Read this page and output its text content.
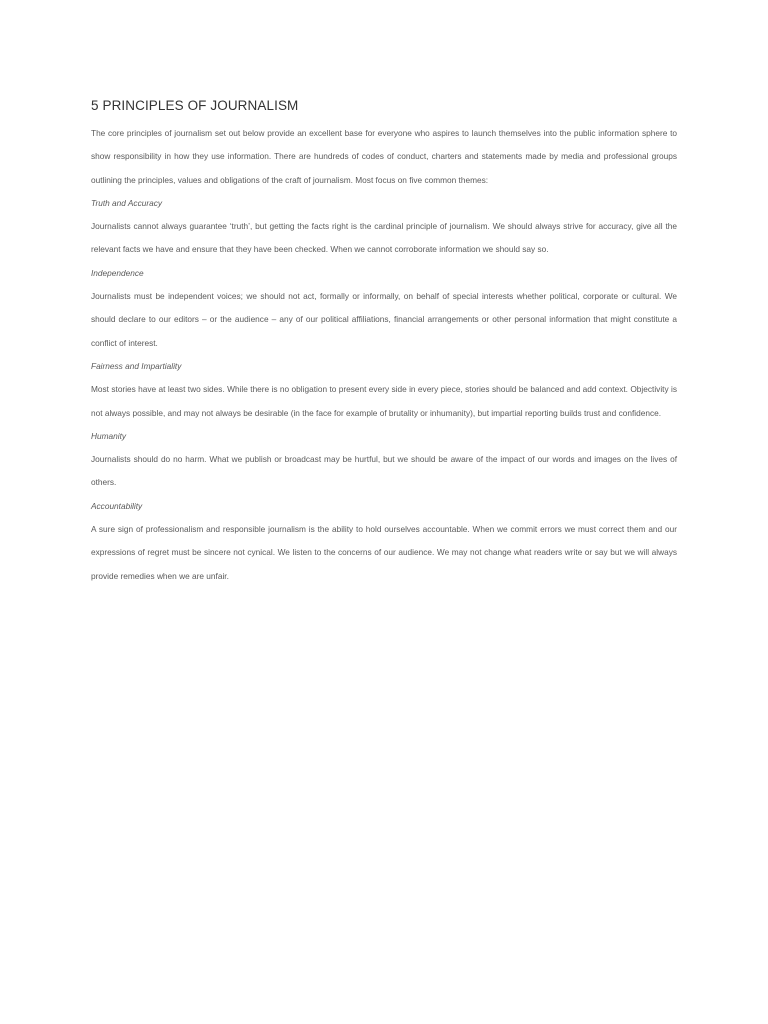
5 PRINCIPLES OF JOURNALISM

The core principles of journalism set out below provide an excellent base for everyone who aspires to launch themselves into the public information sphere to show responsibility in how they use information. There are hundreds of codes of conduct, charters and statements made by media and professional groups outlining the principles, values and obligations of the craft of journalism. Most focus on five common themes:

Truth and Accuracy

Journalists cannot always guarantee ‘truth’, but getting the facts right is the cardinal principle of journalism. We should always strive for accuracy, give all the relevant facts we have and ensure that they have been checked. When we cannot corroborate information we should say so.

Independence

Journalists must be independent voices; we should not act, formally or informally, on behalf of special interests whether political, corporate or cultural. We should declare to our editors – or the audience – any of our political affiliations, financial arrangements or other personal information that might constitute a conflict of interest.

Fairness and Impartiality

Most stories have at least two sides. While there is no obligation to present every side in every piece, stories should be balanced and add context. Objectivity is not always possible, and may not always be desirable (in the face for example of brutality or inhumanity), but impartial reporting builds trust and confidence.

Humanity

Journalists should do no harm. What we publish or broadcast may be hurtful, but we should be aware of the impact of our words and images on the lives of others.

Accountability

A sure sign of professionalism and responsible journalism is the ability to hold ourselves accountable. When we commit errors we must correct them and our expressions of regret must be sincere not cynical. We listen to the concerns of our audience. We may not change what readers write or say but we will always provide remedies when we are unfair.
